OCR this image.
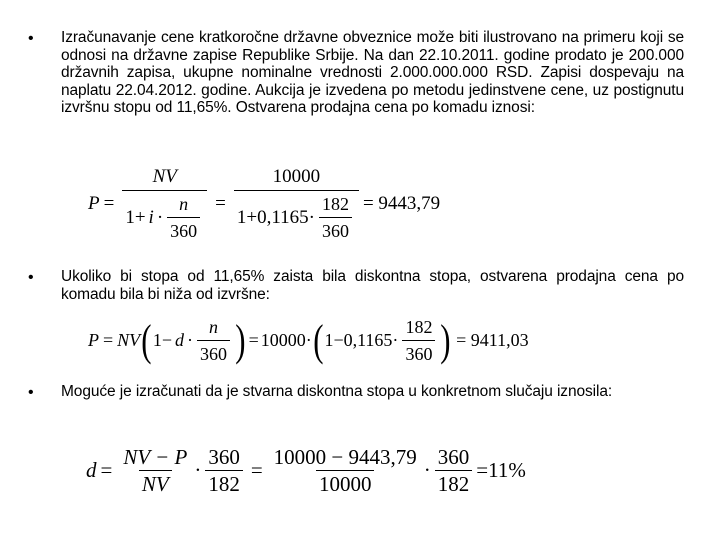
• Izračunavanje cene kratkoročne državne obveznice može biti ilustrovano na primeru koji se odnosi na državne zapise Republike Srbije. Na dan 22.10.2011. godine prodato je 200.000 državnih zapisa, ukupne nominalne vrednosti 2.000.000.000 RSD. Zapisi dospevaju na naplatu 22.04.2012. godine. Aukcija je izvedena po metodu jedinstvene cene, uz postignutu izvršnu stopu od 11,65%. Ostvarena prodajna cena po komadu iznosi:
$P = \frac{NV}{1+ i \cdot \frac{n}{360}} = \frac{10000}{1+0,1165\cdot \frac{182}{360}} = 9443,79$
• Ukoliko bi stopa od 11,65% zaista bila diskontna stopa, ostvarena prodajna cena po komadu bila bi niža od izvršne:
P = NV ( $1- d \cdot \frac{n}{360}$ ) = 10000· ( $1-0,1165\cdot \frac{182}{360}$ ) = 9411,03
• Moguće je izračunati da je stvarna diskontna stopa u konkretnom slučaju iznosila:
$d = \frac{NV - P}{NV} \cdot \frac{360}{182} = \frac{10000 - 9443,79}{10000} \cdot \frac{360}{182} =11\%$
